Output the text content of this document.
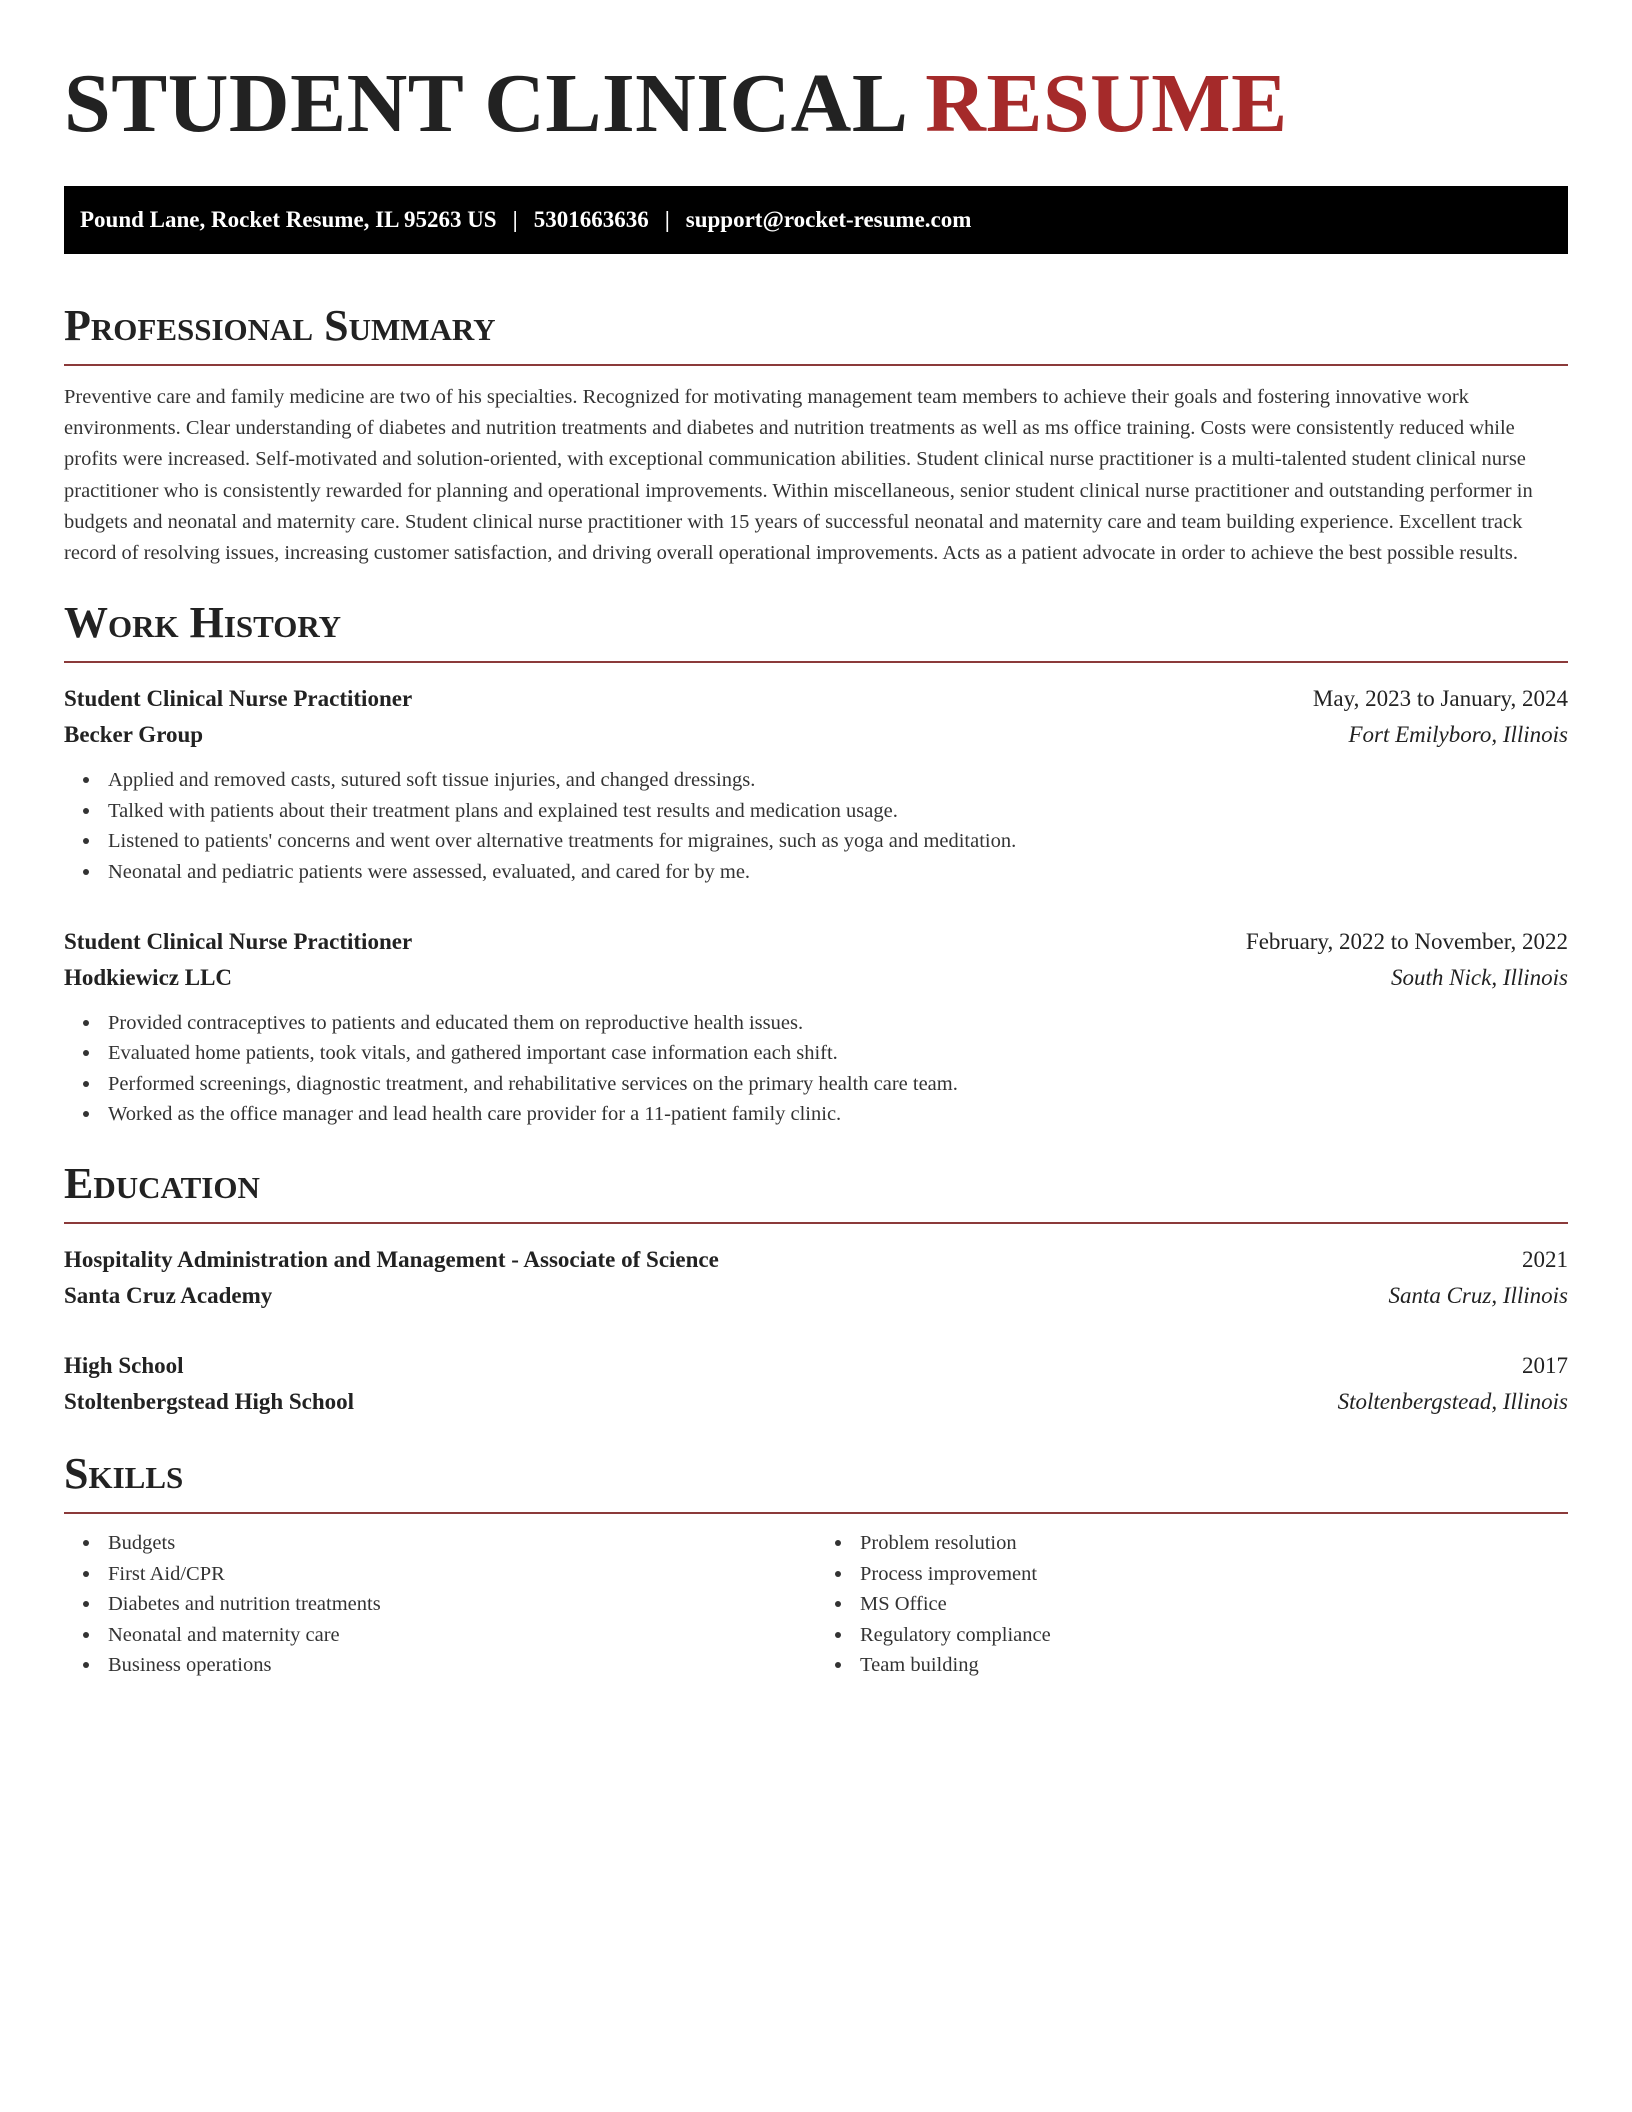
STUDENT CLINICAL RESUME
Pound Lane, Rocket Resume, IL 95263 US | 5301663636 | support@rocket-resume.com
Professional Summary

Preventive care and family medicine are two of his specialties. Recognized for motivating management team members to achieve their goals and fostering innovative work environments. Clear understanding of diabetes and nutrition treatments and diabetes and nutrition treatments as well as ms office training. Costs were consistently reduced while profits were increased. Self-motivated and solution-oriented, with exceptional communication abilities. Student clinical nurse practitioner is a multi-talented student clinical nurse practitioner who is consistently rewarded for planning and operational improvements. Within miscellaneous, senior student clinical nurse practitioner and outstanding performer in budgets and neonatal and maternity care. Student clinical nurse practitioner with 15 years of successful neonatal and maternity care and team building experience. Excellent track record of resolving issues, increasing customer satisfaction, and driving overall operational improvements. Acts as a patient advocate in order to achieve the best possible results.

Work History
Student Clinical Nurse Practitioner	May, 2023 to January, 2024
Becker Group	Fort Emilyboro, Illinois
Applied and removed casts, sutured soft tissue injuries, and changed dressings.
Talked with patients about their treatment plans and explained test results and medication usage.
Listened to patients' concerns and went over alternative treatments for migraines, such as yoga and meditation.
Neonatal and pediatric patients were assessed, evaluated, and cared for by me.
Student Clinical Nurse Practitioner	February, 2022 to November, 2022
Hodkiewicz LLC	South Nick, Illinois
Provided contraceptives to patients and educated them on reproductive health issues.
Evaluated home patients, took vitals, and gathered important case information each shift.
Performed screenings, diagnostic treatment, and rehabilitative services on the primary health care team.
Worked as the office manager and lead health care provider for a 11-patient family clinic.
Education
Hospitality Administration and Management - Associate of Science	2021
Santa Cruz Academy	Santa Cruz, Illinois
High School	2017
Stoltenbergstead High School	Stoltenbergstead, Illinois
Skills
Budgets
First Aid/CPR
Diabetes and nutrition treatments
Neonatal and maternity care
Business operations
Problem resolution
Process improvement
MS Office
Regulatory compliance
Team building
